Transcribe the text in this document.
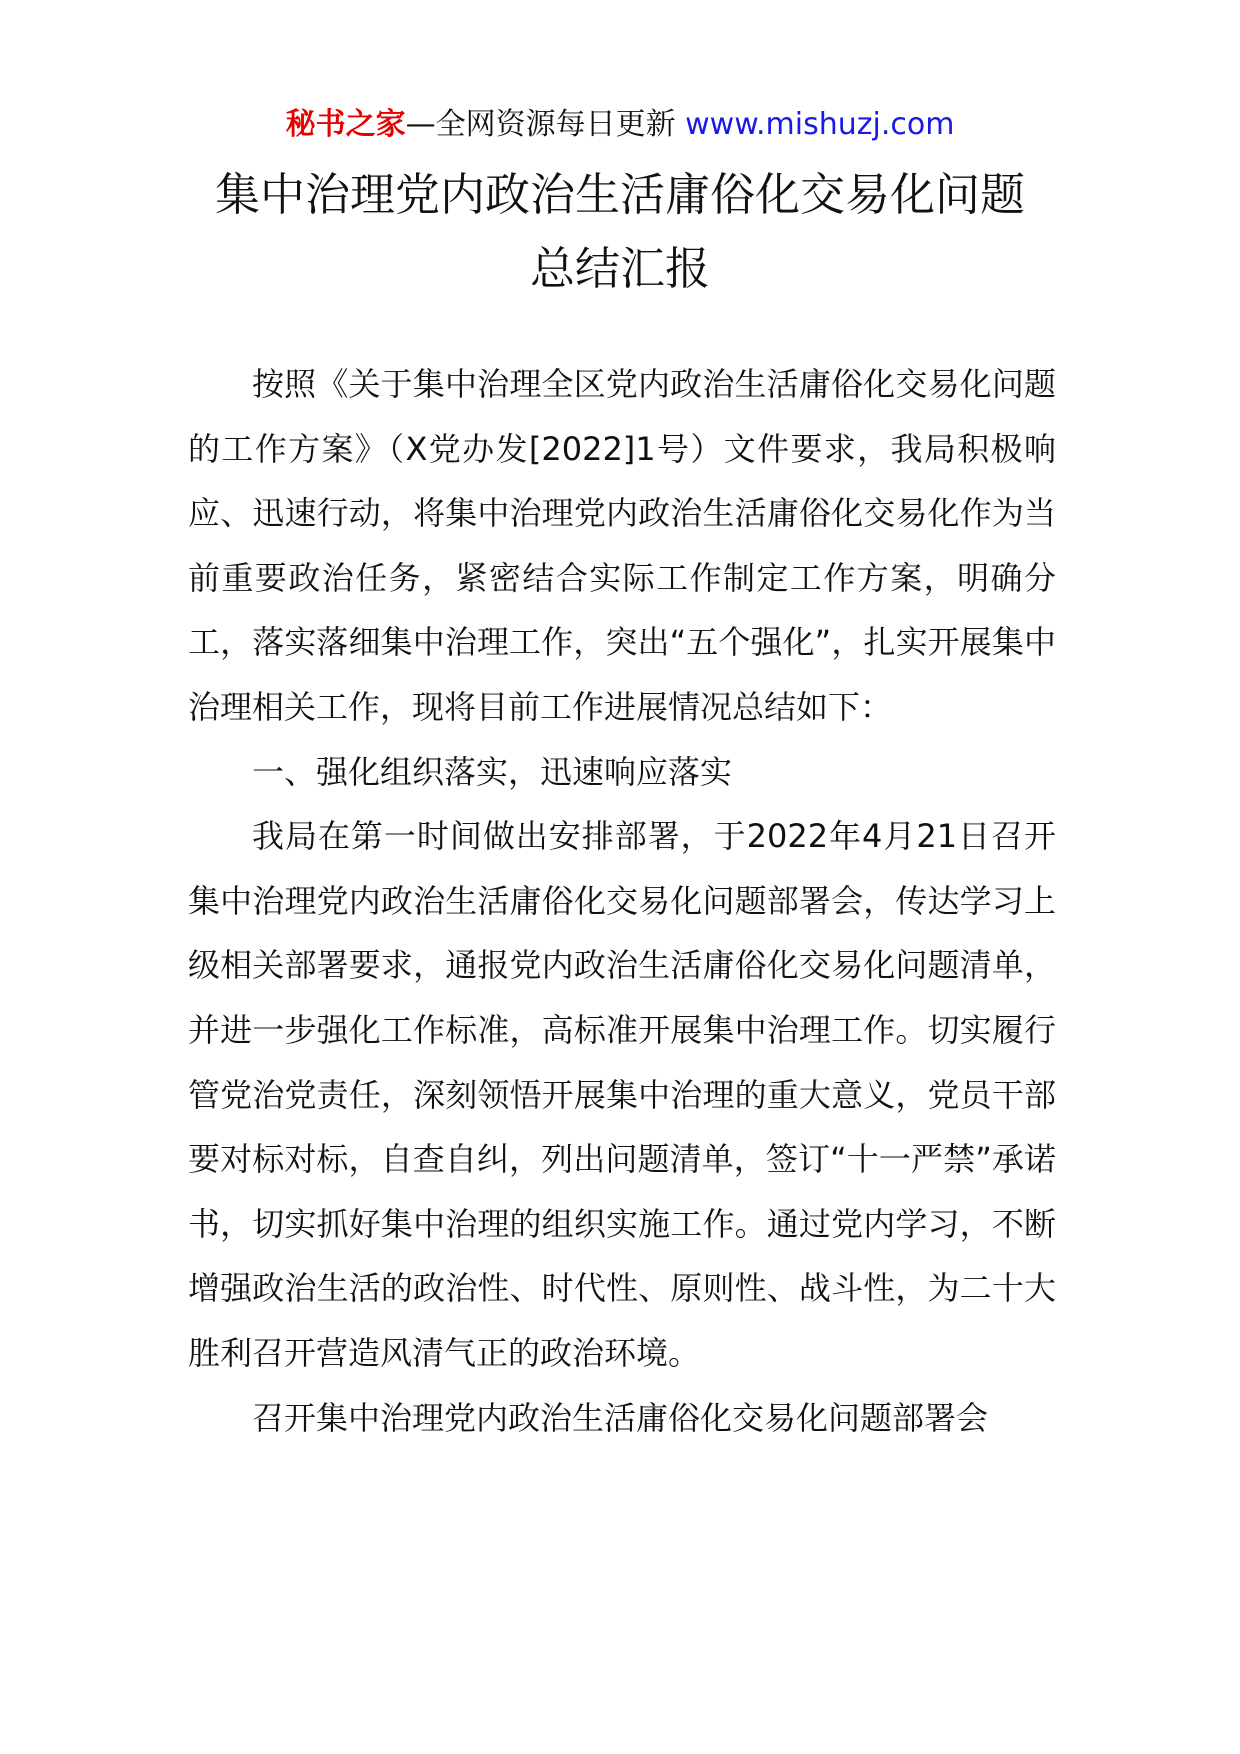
秘书之家—全网资源每日更新 www.mishuzj.com
集中治理党内政治生活庸俗化交易化问题
总结汇报

按照《关于集中治理全区党内政治生活庸俗化交易化问题的工作方案》（X党办发[2022]1号）文件要求，我局积极响应、迅速行动，将集中治理党内政治生活庸俗化交易化作为当前重要政治任务，紧密结合实际工作制定工作方案，明确分工，落实落细集中治理工作，突出“五个强化”，扎实开展集中治理相关工作，现将目前工作进展情况总结如下：

一、强化组织落实，迅速响应落实

我局在第一时间做出安排部署，于2022年4月21日召开集中治理党内政治生活庸俗化交易化问题部署会，传达学习上级相关部署要求，通报党内政治生活庸俗化交易化问题清单，并进一步强化工作标准，高标准开展集中治理工作。切实履行管党治党责任，深刻领悟开展集中治理的重大意义，党员干部要对标对标，自查自纠，列出问题清单，签订“十一严禁”承诺书，切实抓好集中治理的组织实施工作。通过党内学习，不断增强政治生活的政治性、时代性、原则性、战斗性，为二十大胜利召开营造风清气正的政治环境。

召开集中治理党内政治生活庸俗化交易化问题部署会
